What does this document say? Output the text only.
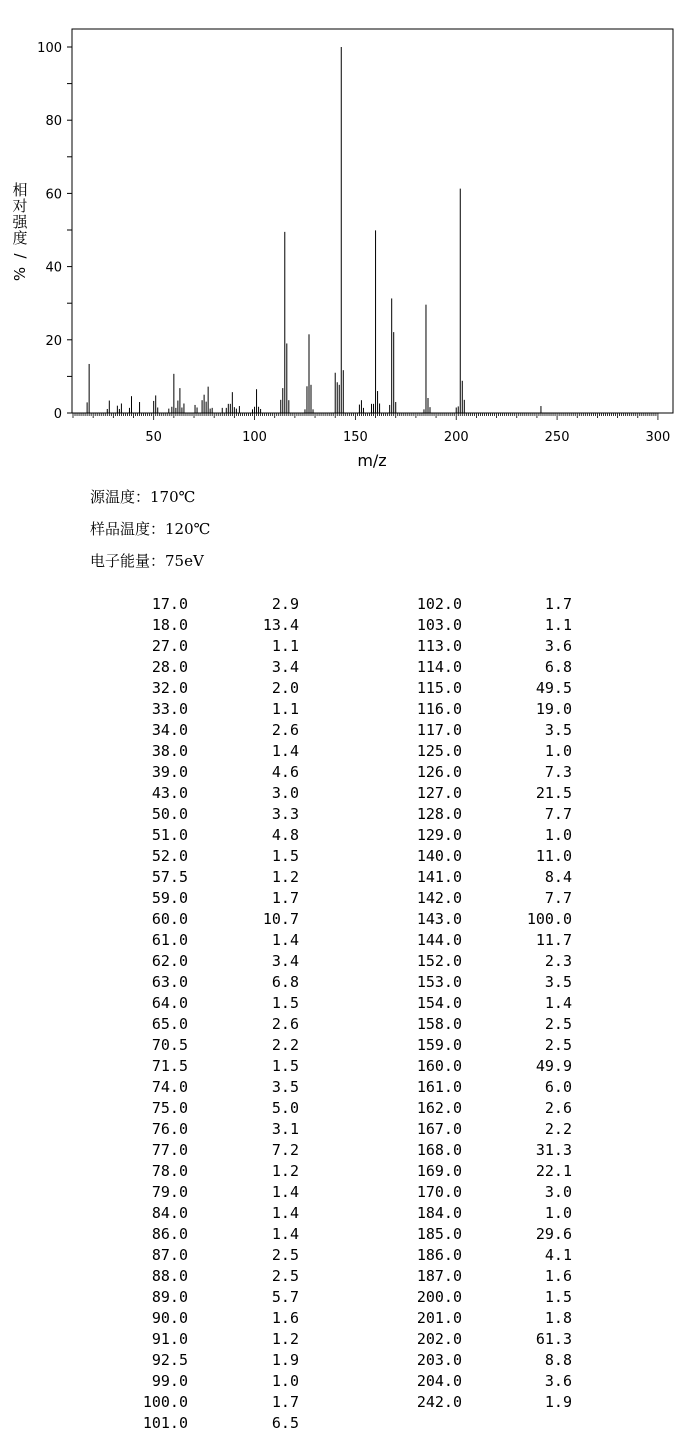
0
20
40
60
80
100
50	100	150	200	250	300
m/z
相
对
强
度
/
%
源温度：170℃
样品温度：120℃
电子能量：75eV
17.0	2.9
18.0	13.4
27.0	1.1
28.0	3.4
32.0	2.0
33.0	1.1
34.0	2.6
38.0	1.4
39.0	4.6
43.0	3.0
50.0	3.3
51.0	4.8
52.0	1.5
57.5	1.2
59.0	1.7
60.0	10.7
61.0	1.4
62.0	3.4
63.0	6.8
64.0	1.5
65.0	2.6
70.5	2.2
71.5	1.5
74.0	3.5
75.0	5.0
76.0	3.1
77.0	7.2
78.0	1.2
79.0	1.4
84.0	1.4
86.0	1.4
87.0	2.5
88.0	2.5
89.0	5.7
90.0	1.6
91.0	1.2
92.5	1.9
99.0	1.0
100.0	1.7
101.0	6.5
102.0	1.7
103.0	1.1
113.0	3.6
114.0	6.8
115.0	49.5
116.0	19.0
117.0	3.5
125.0	1.0
126.0	7.3
127.0	21.5
128.0	7.7
129.0	1.0
140.0	11.0
141.0	8.4
142.0	7.7
143.0	100.0
144.0	11.7
152.0	2.3
153.0	3.5
154.0	1.4
158.0	2.5
159.0	2.5
160.0	49.9
161.0	6.0
162.0	2.6
167.0	2.2
168.0	31.3
169.0	22.1
170.0	3.0
184.0	1.0
185.0	29.6
186.0	4.1
187.0	1.6
200.0	1.5
201.0	1.8
202.0	61.3
203.0	8.8
204.0	3.6
242.0	1.9
